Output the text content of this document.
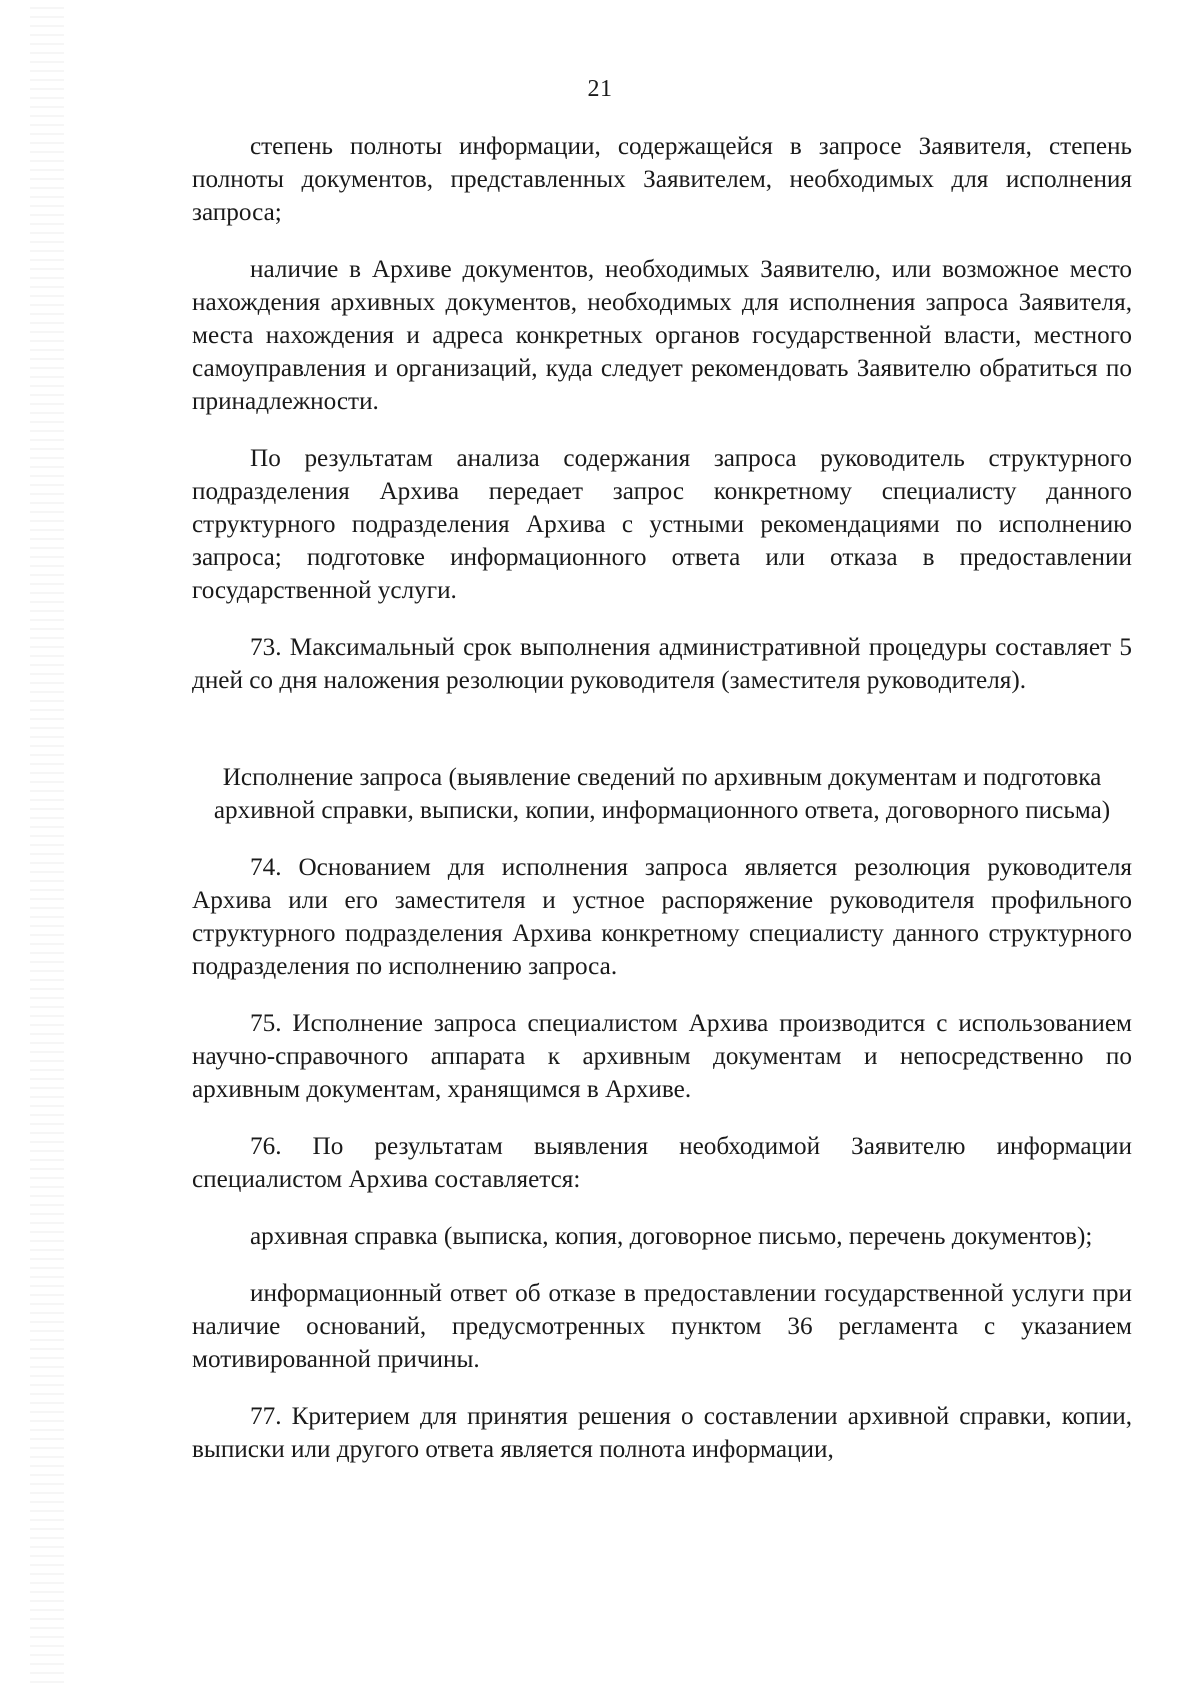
21

степень полноты информации, содержащейся в запросе Заявителя, степень полноты документов, представленных Заявителем, необходимых для исполнения запроса;

наличие в Архиве документов, необходимых Заявителю, или возможное место нахождения архивных документов, необходимых для исполнения запроса Заявителя, места нахождения и адреса конкретных органов государственной власти, местного самоуправления и организаций, куда следует рекомендовать Заявителю обратиться по принадлежности.

По результатам анализа содержания запроса руководитель структурного подразделения Архива передает запрос конкретному специалисту данного структурного подразделения Архива с устными рекомендациями по исполнению запроса; подготовке информационного ответа или отказа в предоставлении государственной услуги.

73. Максимальный срок выполнения административной процедуры составляет 5 дней со дня наложения резолюции руководителя (заместителя руководителя).

Исполнение запроса (выявление сведений по архивным документам и подготовка архивной справки, выписки, копии, информационного ответа, договорного письма)

74. Основанием для исполнения запроса является резолюция руководителя Архива или его заместителя и устное распоряжение руководителя профильного структурного подразделения Архива конкретному специалисту данного структурного подразделения по исполнению запроса.

75. Исполнение запроса специалистом Архива производится с использованием научно-справочного аппарата к архивным документам и непосредственно по архивным документам, хранящимся в Архиве.

76. По результатам выявления необходимой Заявителю информации специалистом Архива составляется:

архивная справка (выписка, копия, договорное письмо, перечень документов);

информационный ответ об отказе в предоставлении государственной услуги при наличие оснований, предусмотренных пунктом 36 регламента с указанием мотивированной причины.

77. Критерием для принятия решения о составлении архивной справки, копии, выписки или другого ответа является полнота информации,
